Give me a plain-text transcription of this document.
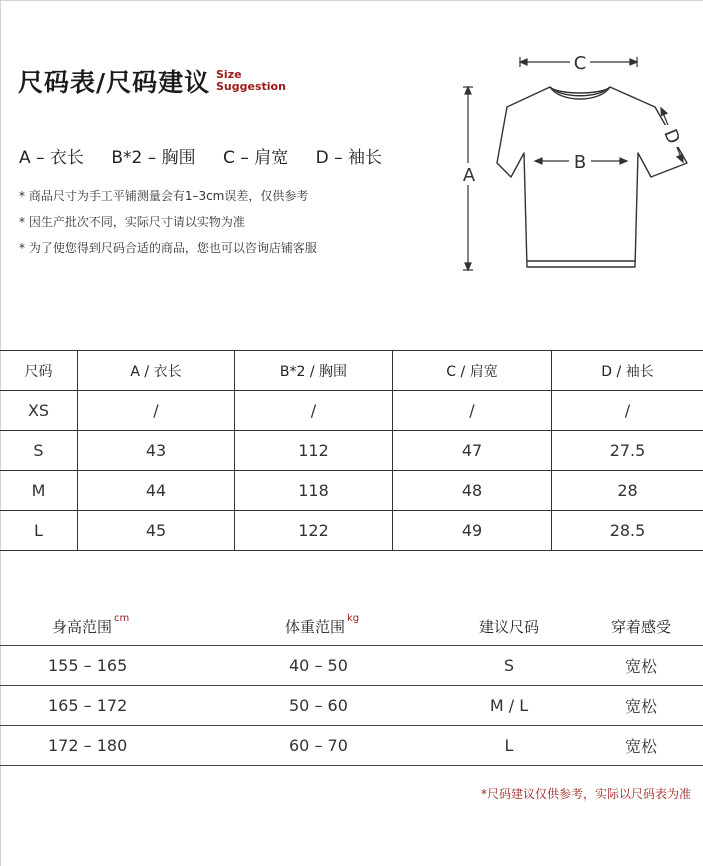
尺码表/尺码建议 Size
Suggestion
A – 衣长 B*2 – 胸围 C – 肩宽 D – 袖长
* 商品尺寸为手工平铺测量会有1–3cm误差，仅供参考
* 因生产批次不同，实际尺寸请以实物为准
* 为了使您得到尺码合适的商品，您也可以咨询店铺客服
C
A
B
D
尺码	A / 衣长	B*2 / 胸围	C / 肩宽	D / 袖长
XS	/	/	/	/
S	43	112	47	27.5
M	44	118	48	28
L	45	122	49	28.5
身高范围 $^{cm}$	体重范围 $^{kg}$	建议尺码	穿着感受
155 – 165	40 – 50	S	宽松
165 – 172	50 – 60	M / L	宽松
172 – 180	60 – 70	L	宽松
*尺码建议仅供参考，实际以尺码表为准
